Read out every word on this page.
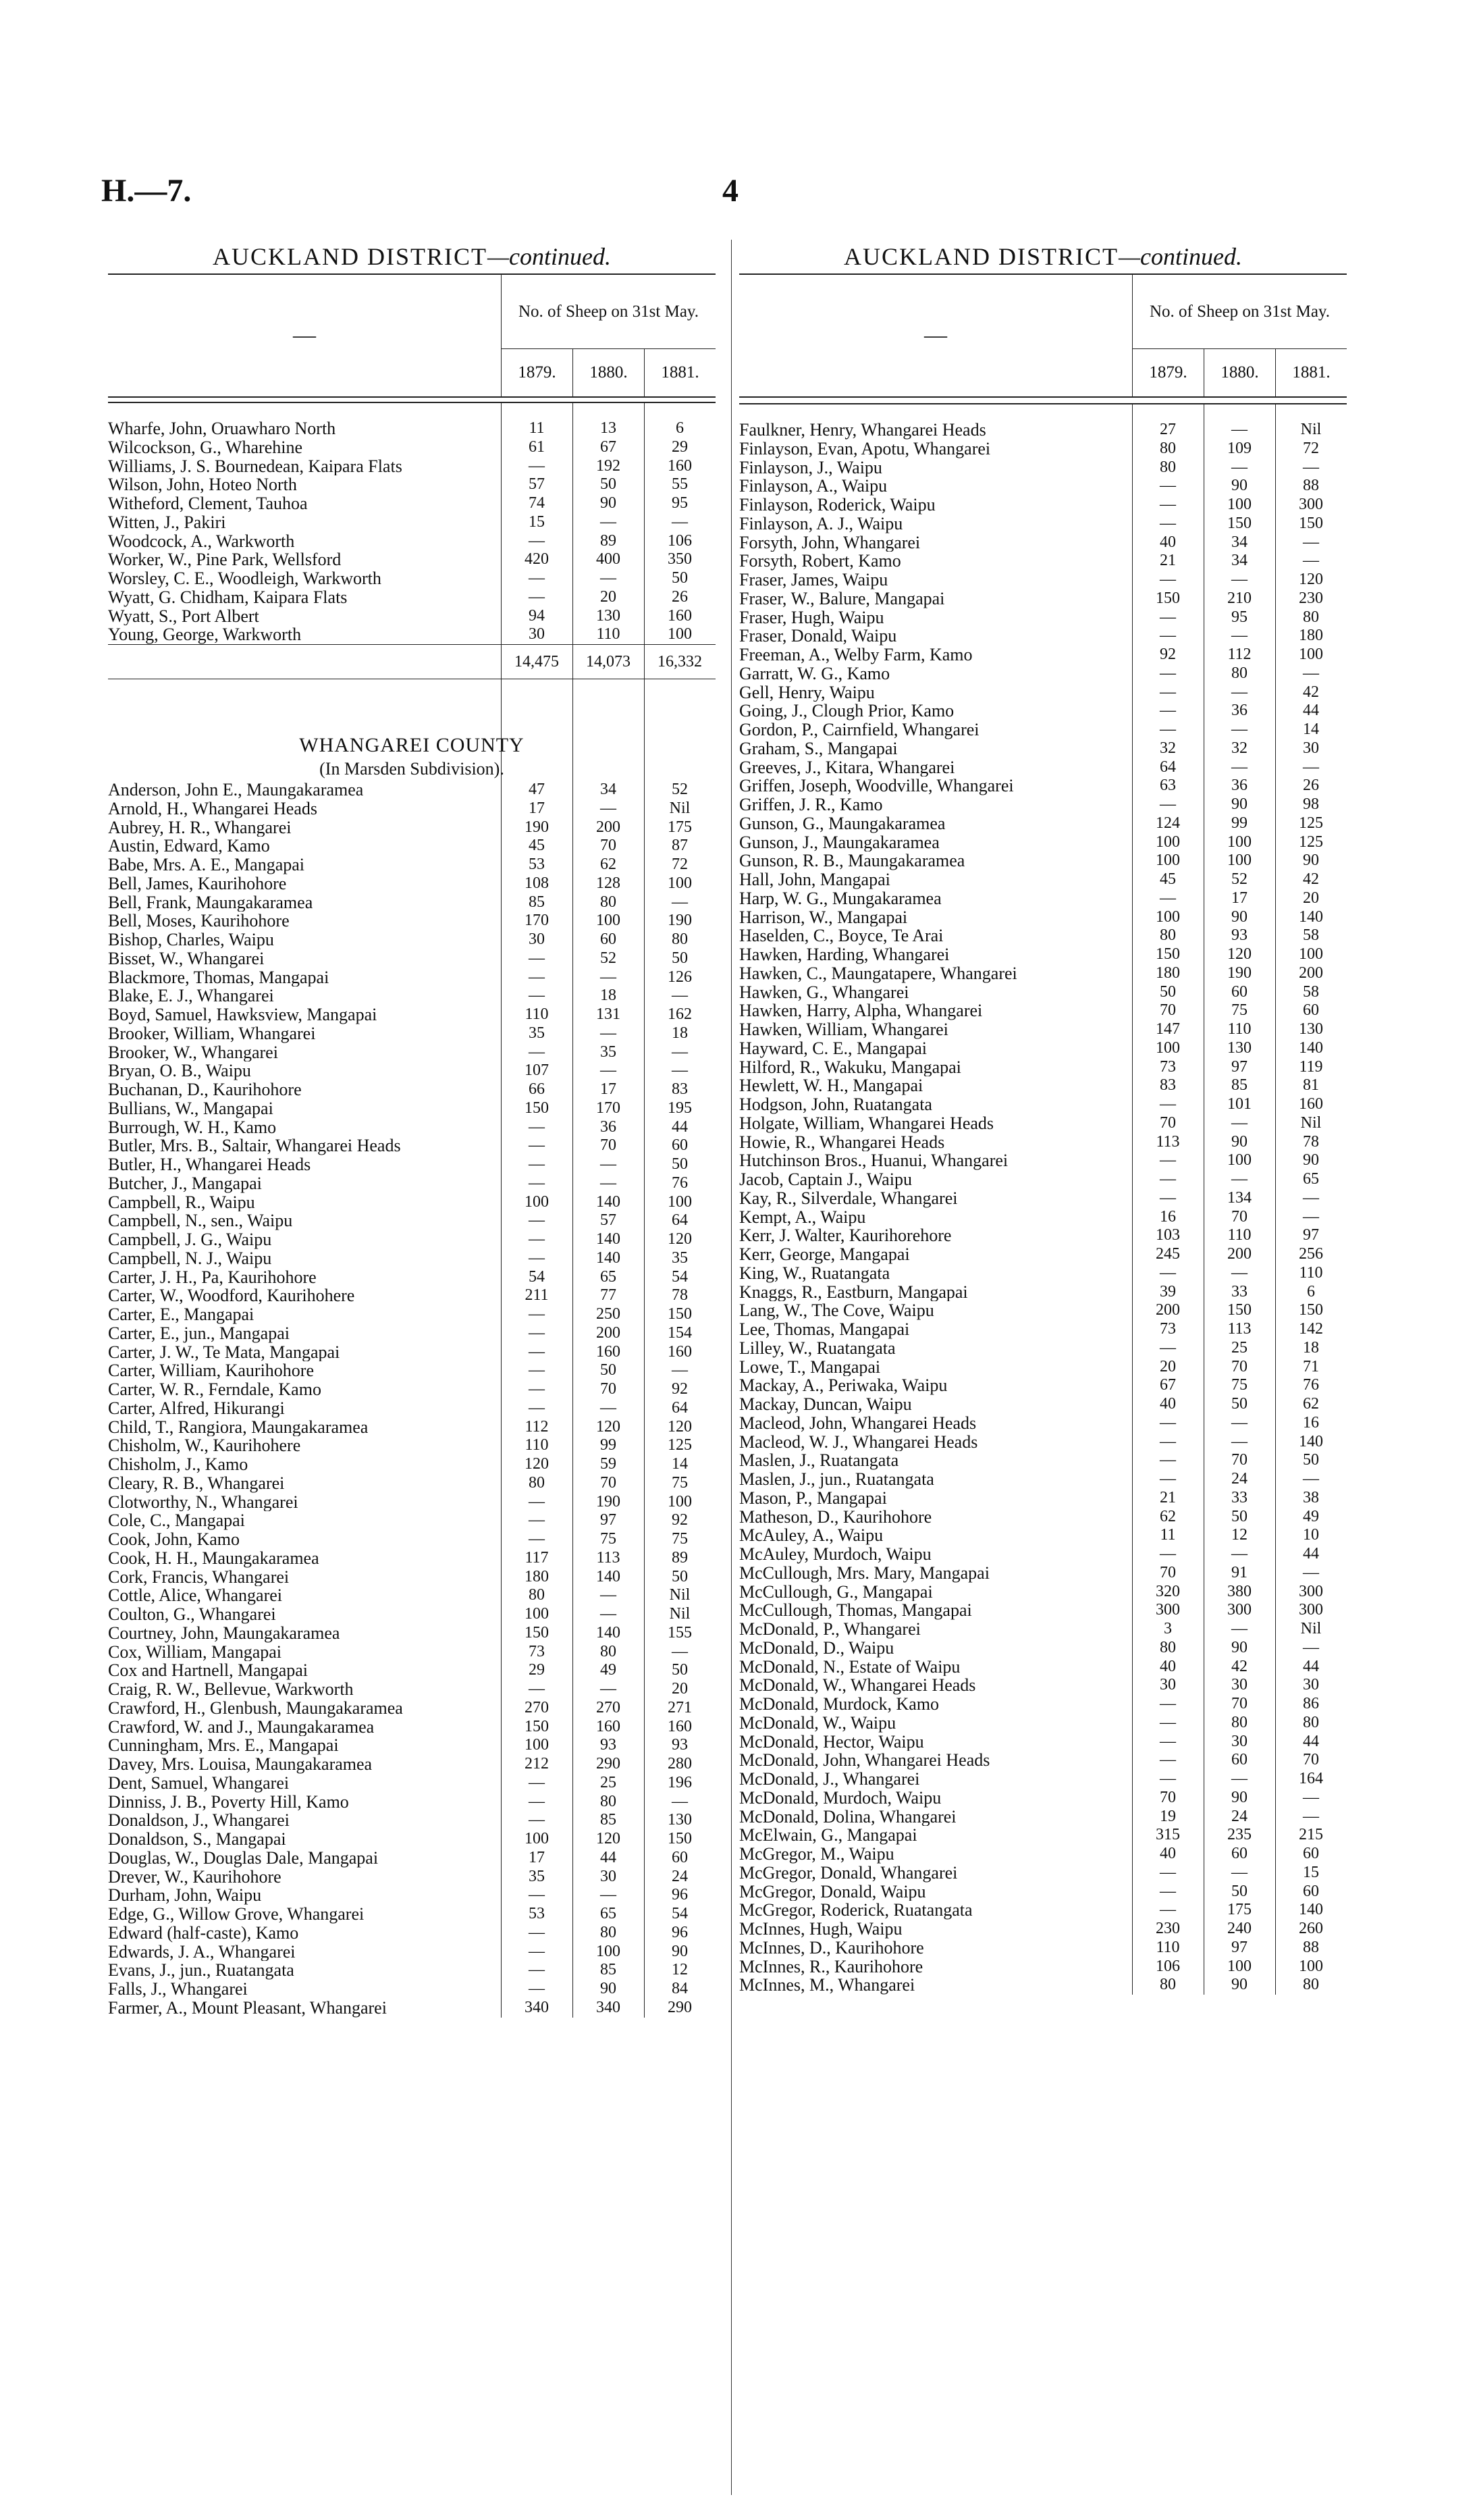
H.—7.	4
AUCKLAND DISTRICT—continued.
—
No. of Sheep on 31st May.
1879.	1880.	1881.
Wharfe, John, Oruawharo North	11	13	6
Wilcockson, G., Wharehine	61	67	29
Williams, J. S. Bournedean, Kaipara Flats	—	192	160
Wilson, John, Hoteo North	57	50	55
Witheford, Clement, Tauhoa	74	90	95
Witten, J., Pakiri	15	—	—
Woodcock, A., Warkworth	—	89	106
Worker, W., Pine Park, Wellsford	420	400	350
Worsley, C. E., Woodleigh, Warkworth	—	—	50
Wyatt, G. Chidham, Kaipara Flats	—	20	26
Wyatt, S., Port Albert	94	130	160
Young, George, Warkworth	30	110	100
14,475	14,073	16,332
WHANGAREI COUNTY
(In Marsden Subdivision).
Anderson, John E., Maungakaramea	47	34	52
Arnold, H., Whangarei Heads	17	—	Nil
Aubrey, H. R., Whangarei	190	200	175
Austin, Edward, Kamo	45	70	87
Babe, Mrs. A. E., Mangapai	53	62	72
Bell, James, Kaurihohore	108	128	100
Bell, Frank, Maungakaramea	85	80	—
Bell, Moses, Kaurihohore	170	100	190
Bishop, Charles, Waipu	30	60	80
Bisset, W., Whangarei	—	52	50
Blackmore, Thomas, Mangapai	—	—	126
Blake, E. J., Whangarei	—	18	—
Boyd, Samuel, Hawksview, Mangapai	110	131	162
Brooker, William, Whangarei	35	—	18
Brooker, W., Whangarei	—	35	—
Bryan, O. B., Waipu	107	—	—
Buchanan, D., Kaurihohore	66	17	83
Bullians, W., Mangapai	150	170	195
Burrough, W. H., Kamo	—	36	44
Butler, Mrs. B., Saltair, Whangarei Heads	—	70	60
Butler, H., Whangarei Heads	—	—	50
Butcher, J., Mangapai	—	—	76
Campbell, R., Waipu	100	140	100
Campbell, N., sen., Waipu	—	57	64
Campbell, J. G., Waipu	—	140	120
Campbell, N. J., Waipu	—	140	35
Carter, J. H., Pa, Kaurihohore	54	65	54
Carter, W., Woodford, Kaurihohere	211	77	78
Carter, E., Mangapai	—	250	150
Carter, E., jun., Mangapai	—	200	154
Carter, J. W., Te Mata, Mangapai	—	160	160
Carter, William, Kaurihohore	—	50	—
Carter, W. R., Ferndale, Kamo	—	70	92
Carter, Alfred, Hikurangi	—	—	64
Child, T., Rangiora, Maungakaramea	112	120	120
Chisholm, W., Kaurihohere	110	99	125
Chisholm, J., Kamo	120	59	14
Cleary, R. B., Whangarei	80	70	75
Clotworthy, N., Whangarei	—	190	100
Cole, C., Mangapai	—	97	92
Cook, John, Kamo	—	75	75
Cook, H. H., Maungakaramea	117	113	89
Cork, Francis, Whangarei	180	140	50
Cottle, Alice, Whangarei	80	—	Nil
Coulton, G., Whangarei	100	—	Nil
Courtney, John, Maungakaramea	150	140	155
Cox, William, Mangapai	73	80	—
Cox and Hartnell, Mangapai	29	49	50
Craig, R. W., Bellevue, Warkworth	—	—	20
Crawford, H., Glenbush, Maungakaramea	270	270	271
Crawford, W. and J., Maungakaramea	150	160	160
Cunningham, Mrs. E., Mangapai	100	93	93
Davey, Mrs. Louisa, Maungakaramea	212	290	280
Dent, Samuel, Whangarei	—	25	196
Dinniss, J. B., Poverty Hill, Kamo	—	80	—
Donaldson, J., Whangarei	—	85	130
Donaldson, S., Mangapai	100	120	150
Douglas, W., Douglas Dale, Mangapai	17	44	60
Drever, W., Kaurihohore	35	30	24
Durham, John, Waipu	—	—	96
Edge, G., Willow Grove, Whangarei	53	65	54
Edward (half-caste), Kamo	—	80	96
Edwards, J. A., Whangarei	—	100	90
Evans, J., jun., Ruatangata	—	85	12
Falls, J., Whangarei	—	90	84
Farmer, A., Mount Pleasant, Whangarei	340	340	290
AUCKLAND DISTRICT—continued.
—
No. of Sheep on 31st May.
1879.	1880.	1881.
Faulkner, Henry, Whangarei Heads	27	—	Nil
Finlayson, Evan, Apotu, Whangarei	80	109	72
Finlayson, J., Waipu	80	—	—
Finlayson, A., Waipu	—	90	88
Finlayson, Roderick, Waipu	—	100	300
Finlayson, A. J., Waipu	—	150	150
Forsyth, John, Whangarei	40	34	—
Forsyth, Robert, Kamo	21	34	—
Fraser, James, Waipu	—	—	120
Fraser, W., Balure, Mangapai	150	210	230
Fraser, Hugh, Waipu	—	95	80
Fraser, Donald, Waipu	—	—	180
Freeman, A., Welby Farm, Kamo	92	112	100
Garratt, W. G., Kamo	—	80	—
Gell, Henry, Waipu	—	—	42
Going, J., Clough Prior, Kamo	—	36	44
Gordon, P., Cairnfield, Whangarei	—	—	14
Graham, S., Mangapai	32	32	30
Greeves, J., Kitara, Whangarei	64	—	—
Griffen, Joseph, Woodville, Whangarei	63	36	26
Griffen, J. R., Kamo	—	90	98
Gunson, G., Maungakaramea	124	99	125
Gunson, J., Maungakaramea	100	100	125
Gunson, R. B., Maungakaramea	100	100	90
Hall, John, Mangapai	45	52	42
Harp, W. G., Mungakaramea	—	17	20
Harrison, W., Mangapai	100	90	140
Haselden, C., Boyce, Te Arai	80	93	58
Hawken, Harding, Whangarei	150	120	100
Hawken, C., Maungatapere, Whangarei	180	190	200
Hawken, G., Whangarei	50	60	58
Hawken, Harry, Alpha, Whangarei	70	75	60
Hawken, William, Whangarei	147	110	130
Hayward, C. E., Mangapai	100	130	140
Hilford, R., Wakuku, Mangapai	73	97	119
Hewlett, W. H., Mangapai	83	85	81
Hodgson, John, Ruatangata	—	101	160
Holgate, William, Whangarei Heads	70	—	Nil
Howie, R., Whangarei Heads	113	90	78
Hutchinson Bros., Huanui, Whangarei	—	100	90
Jacob, Captain J., Waipu	—	—	65
Kay, R., Silverdale, Whangarei	—	134	—
Kempt, A., Waipu	16	70	—
Kerr, J. Walter, Kaurihorehore	103	110	97
Kerr, George, Mangapai	245	200	256
King, W., Ruatangata	—	—	110
Knaggs, R., Eastburn, Mangapai	39	33	6
Lang, W., The Cove, Waipu	200	150	150
Lee, Thomas, Mangapai	73	113	142
Lilley, W., Ruatangata	—	25	18
Lowe, T., Mangapai	20	70	71
Mackay, A., Periwaka, Waipu	67	75	76
Mackay, Duncan, Waipu	40	50	62
Macleod, John, Whangarei Heads	—	—	16
Macleod, W. J., Whangarei Heads	—	—	140
Maslen, J., Ruatangata	—	70	50
Maslen, J., jun., Ruatangata	—	24	—
Mason, P., Mangapai	21	33	38
Matheson, D., Kaurihohore	62	50	49
McAuley, A., Waipu	11	12	10
McAuley, Murdoch, Waipu	—	—	44
McCullough, Mrs. Mary, Mangapai	70	91	—
McCullough, G., Mangapai	320	380	300
McCullough, Thomas, Mangapai	300	300	300
McDonald, P., Whangarei	3	—	Nil
McDonald, D., Waipu	80	90	—
McDonald, N., Estate of Waipu	40	42	44
McDonald, W., Whangarei Heads	30	30	30
McDonald, Murdock, Kamo	—	70	86
McDonald, W., Waipu	—	80	80
McDonald, Hector, Waipu	—	30	44
McDonald, John, Whangarei Heads	—	60	70
McDonald, J., Whangarei	—	—	164
McDonald, Murdoch, Waipu	70	90	—
McDonald, Dolina, Whangarei	19	24	—
McElwain, G., Mangapai	315	235	215
McGregor, M., Waipu	40	60	60
McGregor, Donald, Whangarei	—	—	15
McGregor, Donald, Waipu	—	50	60
McGregor, Roderick, Ruatangata	—	175	140
McInnes, Hugh, Waipu	230	240	260
McInnes, D., Kaurihohore	110	97	88
McInnes, R., Kaurihohore	106	100	100
McInnes, M., Whangarei	80	90	80
